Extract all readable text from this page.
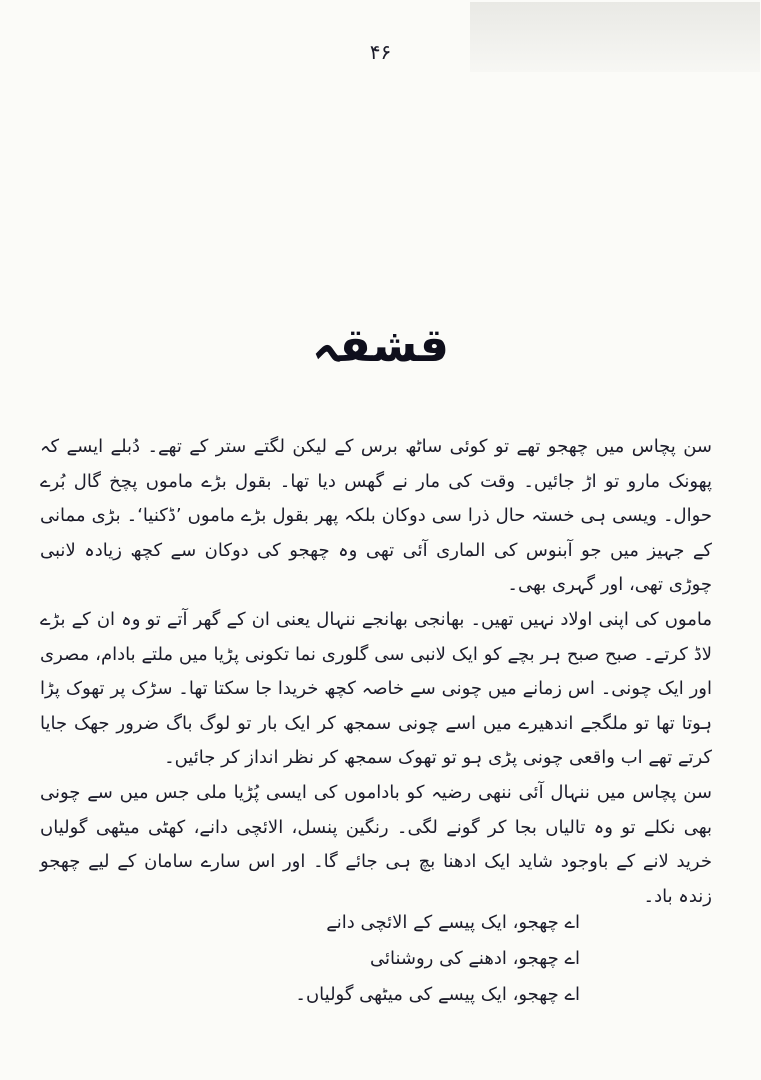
۴۶
قشقہ

سن پچاس میں چھجو تھے تو کوئی ساٹھ برس کے لیکن لگتے ستر کے تھے۔ دُبلے ایسے کہ پھونک مارو تو اڑ جائیں۔ وقت کی مار نے گھس دیا تھا۔ بقول بڑے ماموں پچخ گال بُرے حوال۔ ویسی ہی خستہ حال ذرا سی دوکان بلکہ پھر بقول بڑے ماموں ’ڈکنیا‘۔ بڑی ممانی کے جہیز میں جو آبنوس کی الماری آئی تھی وہ چھجو کی دوکان سے کچھ زیادہ لانبی چوڑی تھی، اور گہری بھی۔

ماموں کی اپنی اولاد نہیں تھیں۔ بھانجی بھانجے ننہال یعنی ان کے گھر آتے تو وہ ان کے بڑے لاڈ کرتے۔ صبح صبح ہر بچے کو ایک لانبی سی گلوری نما تکونی پڑیا میں ملتے بادام، مصری اور ایک چونی۔ اس زمانے میں چونی سے خاصہ کچھ خریدا جا سکتا تھا۔ سڑک پر تھوک پڑا ہوتا تھا تو ملگجے اندھیرے میں اسے چونی سمجھ کر ایک بار تو لوگ باگ ضرور جھک جایا کرتے تھے اب واقعی چونی پڑی ہو تو تھوک سمجھ کر نظر انداز کر جائیں۔

سن پچاس میں ننہال آئی ننھی رضیہ کو باداموں کی ایسی پُڑیا ملی جس میں سے چونی بھی نکلے تو وہ تالیاں بجا کر گونے لگی۔ رنگین پنسل، الائچی دانے، کھٹی میٹھی گولیاں خرید لانے کے باوجود شاید ایک ادھنا بچ ہی جائے گا۔ اور اس سارے سامان کے لیے چھجو زندہ باد۔

اے چھجو، ایک پیسے کے الائچی دانے
اے چھجو، ادھنے کی روشنائی
اے چھجو، ایک پیسے کی میٹھی گولیاں۔
